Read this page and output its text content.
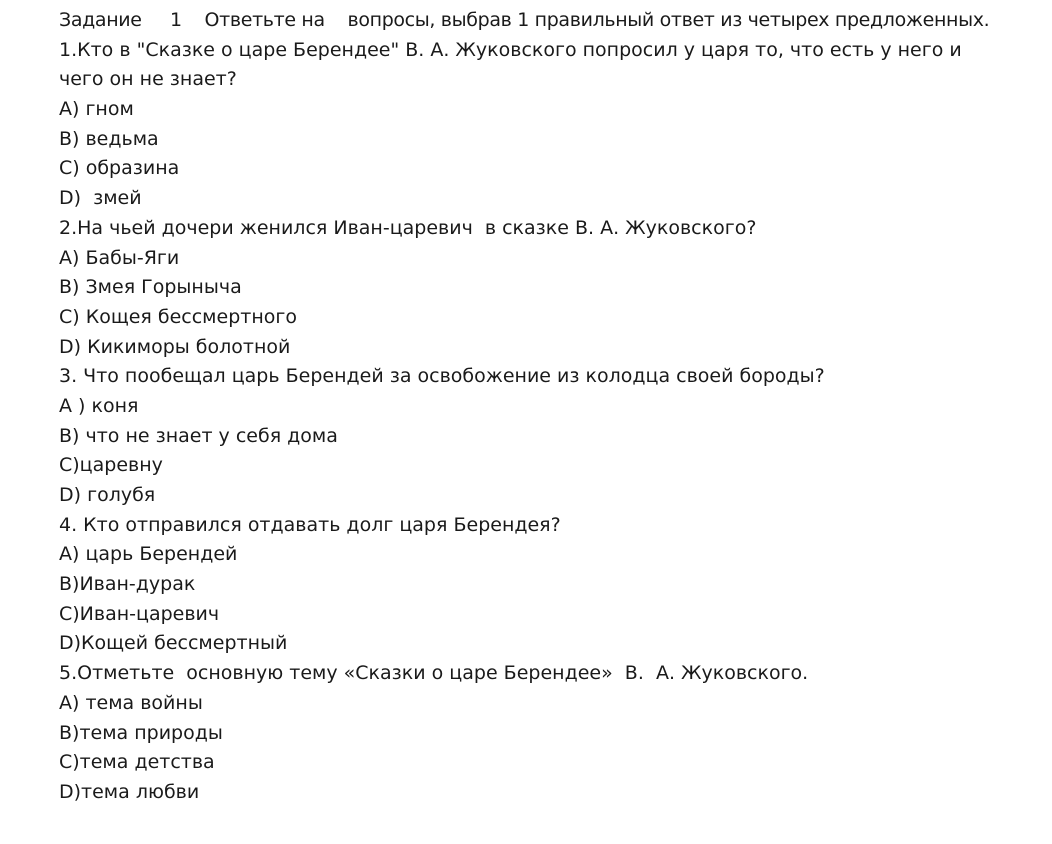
Задание     1    Ответьте на    вопросы, выбрав 1 правильный ответ из четырех предложенных.
1.Кто в "Сказке о царе Берендее" В. А. Жуковского попросил у царя то, что есть у него и чего он не знает?
A) гном
B) ведьма
C) образина
D)  змей
2.На чьей дочери женился Иван-царевич  в сказке В. А. Жуковского?
A) Бабы-Яги
B) Змея Горыныча
C) Кощея бессмертного
D) Кикиморы болотной
3. Что пообещал царь Берендей за освобожение из колодца своей бороды?
A ) коня
B) что не знает у себя дома
C)царевну
D) голубя
4. Кто отправился отдавать долг царя Берендея?
A) царь Берендей
B)Иван-дурак
C)Иван-царевич
D)Кощей бессмертный
5.Отметьте  основную тему «Сказки о царе Берендее»  В.  А. Жуковского.
A) тема войны
B)тема природы
C)тема детства
D)тема любви
